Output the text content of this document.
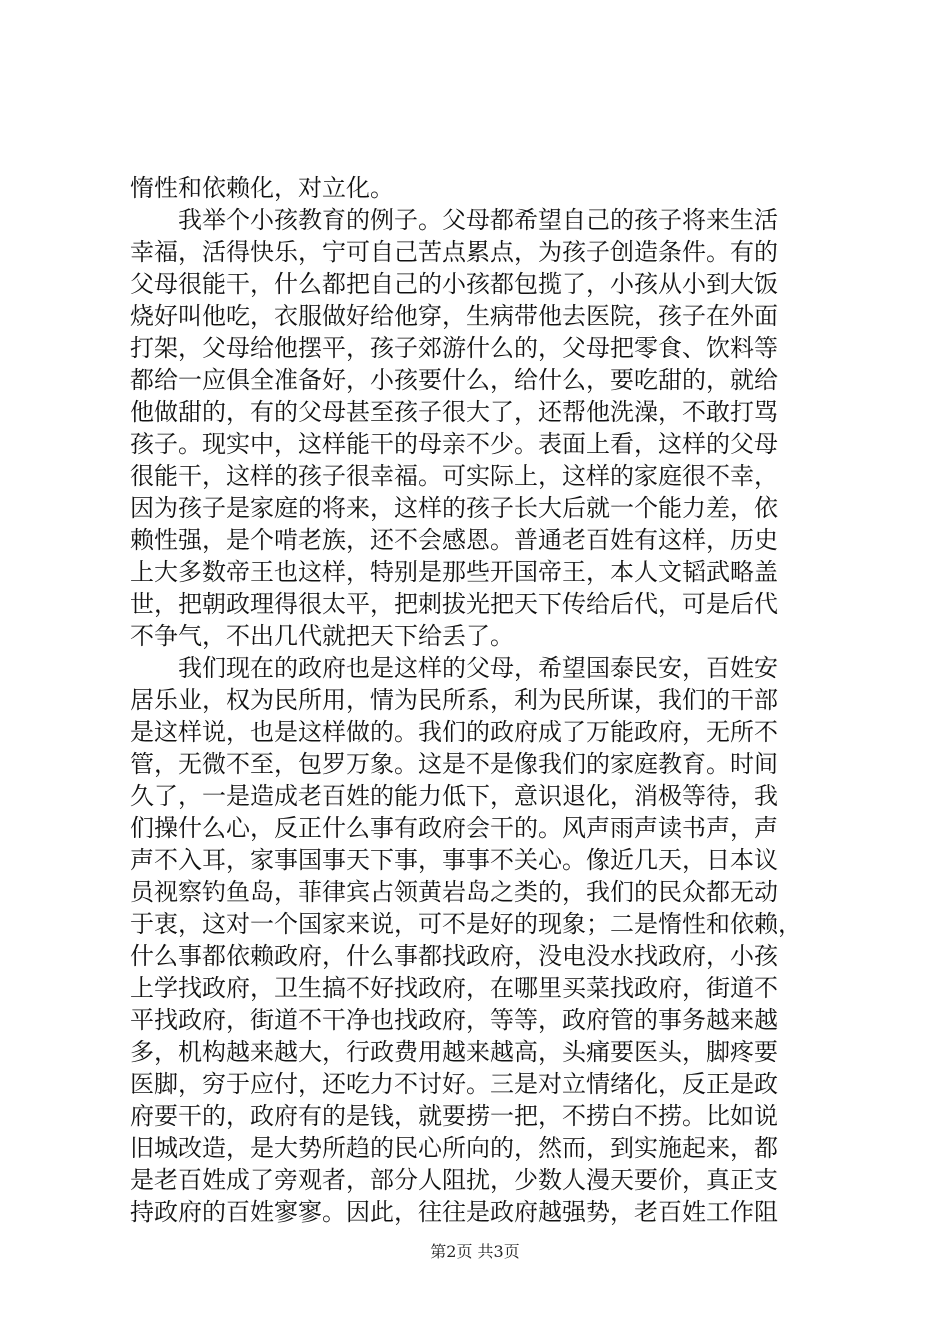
惰性和依赖化，对立化。
我举个小孩教育的例子。父母都希望自己的孩子将来生活
幸福，活得快乐，宁可自己苦点累点，为孩子创造条件。有的
父母很能干，什么都把自己的小孩都包揽了，小孩从小到大饭
烧好叫他吃，衣服做好给他穿，生病带他去医院，孩子在外面
打架，父母给他摆平，孩子郊游什么的，父母把零食、饮料等
都给一应俱全准备好，小孩要什么，给什么，要吃甜的，就给
他做甜的，有的父母甚至孩子很大了，还帮他洗澡，不敢打骂
孩子。现实中，这样能干的母亲不少。表面上看，这样的父母
很能干，这样的孩子很幸福。可实际上，这样的家庭很不幸，
因为孩子是家庭的将来，这样的孩子长大后就一个能力差，依
赖性强，是个啃老族，还不会感恩。普通老百姓有这样，历史
上大多数帝王也这样，特别是那些开国帝王，本人文韬武略盖
世，把朝政理得很太平，把刺拔光把天下传给后代，可是后代
不争气，不出几代就把天下给丢了。
我们现在的政府也是这样的父母，希望国泰民安，百姓安
居乐业，权为民所用，情为民所系，利为民所谋，我们的干部
是这样说，也是这样做的。我们的政府成了万能政府，无所不
管，无微不至，包罗万象。这是不是像我们的家庭教育。时间
久了，一是造成老百姓的能力低下，意识退化，消极等待，我
们操什么心，反正什么事有政府会干的。风声雨声读书声，声
声不入耳，家事国事天下事，事事不关心。像近几天，日本议
员视察钓鱼岛，菲律宾占领黄岩岛之类的，我们的民众都无动
于衷，这对一个国家来说，可不是好的现象；二是惰性和依赖，
什么事都依赖政府，什么事都找政府，没电没水找政府，小孩
上学找政府，卫生搞不好找政府，在哪里买菜找政府，街道不
平找政府，街道不干净也找政府，等等，政府管的事务越来越
多，机构越来越大，行政费用越来越高，头痛要医头，脚疼要
医脚，穷于应付，还吃力不讨好。三是对立情绪化，反正是政
府要干的，政府有的是钱，就要捞一把，不捞白不捞。比如说
旧城改造，是大势所趋的民心所向的，然而，到实施起来，都
是老百姓成了旁观者，部分人阻扰，少数人漫天要价，真正支
持政府的百姓寥寥。因此，往往是政府越强势，老百姓工作阻
第2页 共3页
